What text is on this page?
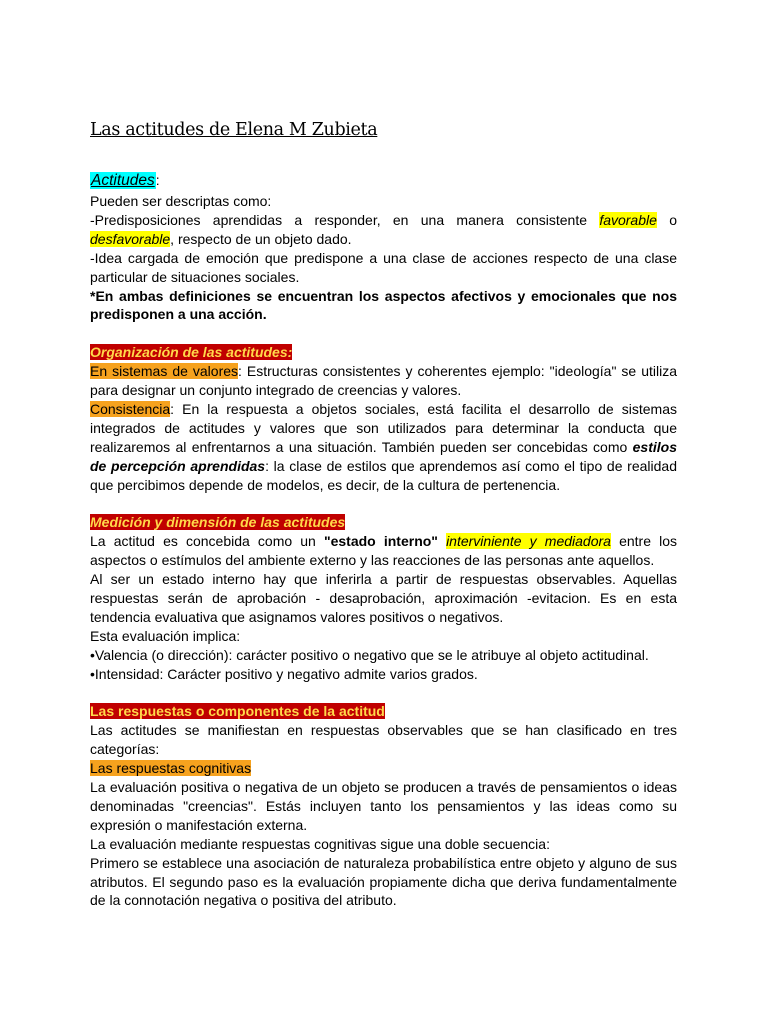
Las actitudes de Elena M Zubieta
Actitudes:

Pueden ser descriptas como:

-Predisposiciones aprendidas a responder, en una manera consistente favorable o desfavorable, respecto de un objeto dado.

-Idea cargada de emoción que predispone a una clase de acciones respecto de una clase particular de situaciones sociales.

*En ambas definiciones se encuentran los aspectos afectivos y emocionales que nos predisponen a una acción.

Organización de las actitudes:

En sistemas de valores: Estructuras consistentes y coherentes ejemplo: "ideología" se utiliza para designar un conjunto integrado de creencias y valores.

Consistencia: En la respuesta a objetos sociales, está facilita el desarrollo de sistemas integrados de actitudes y valores que son utilizados para determinar la conducta que realizaremos al enfrentarnos a una situación. También pueden ser concebidas como estilos de percepción aprendidas: la clase de estilos que aprendemos así como el tipo de realidad que percibimos depende de modelos, es decir, de la cultura de pertenencia.

Medición y dimensión de las actitudes

La actitud es concebida como un "estado interno" interviniente y mediadora entre los aspectos o estímulos del ambiente externo y las reacciones de las personas ante aquellos.

Al ser un estado interno hay que inferirla a partir de respuestas observables. Aquellas respuestas serán de aprobación - desaprobación, aproximación -evitacion. Es en esta tendencia evaluativa que asignamos valores positivos o negativos.

Esta evaluación implica:

•Valencia (o dirección): carácter positivo o negativo que se le atribuye al objeto actitudinal.

•Intensidad: Carácter positivo y negativo admite varios grados.

Las respuestas o componentes de la actitud

Las actitudes se manifiestan en respuestas observables que se han clasificado en tres categorías:

Las respuestas cognitivas

La evaluación positiva o negativa de un objeto se producen a través de pensamientos o ideas denominadas "creencias". Estás incluyen tanto los pensamientos y las ideas como su expresión o manifestación externa.

La evaluación mediante respuestas cognitivas sigue una doble secuencia:

Primero se establece una asociación de naturaleza probabilística entre objeto y alguno de sus atributos. El segundo paso es la evaluación propiamente dicha que deriva fundamentalmente de la connotación negativa o positiva del atributo.
